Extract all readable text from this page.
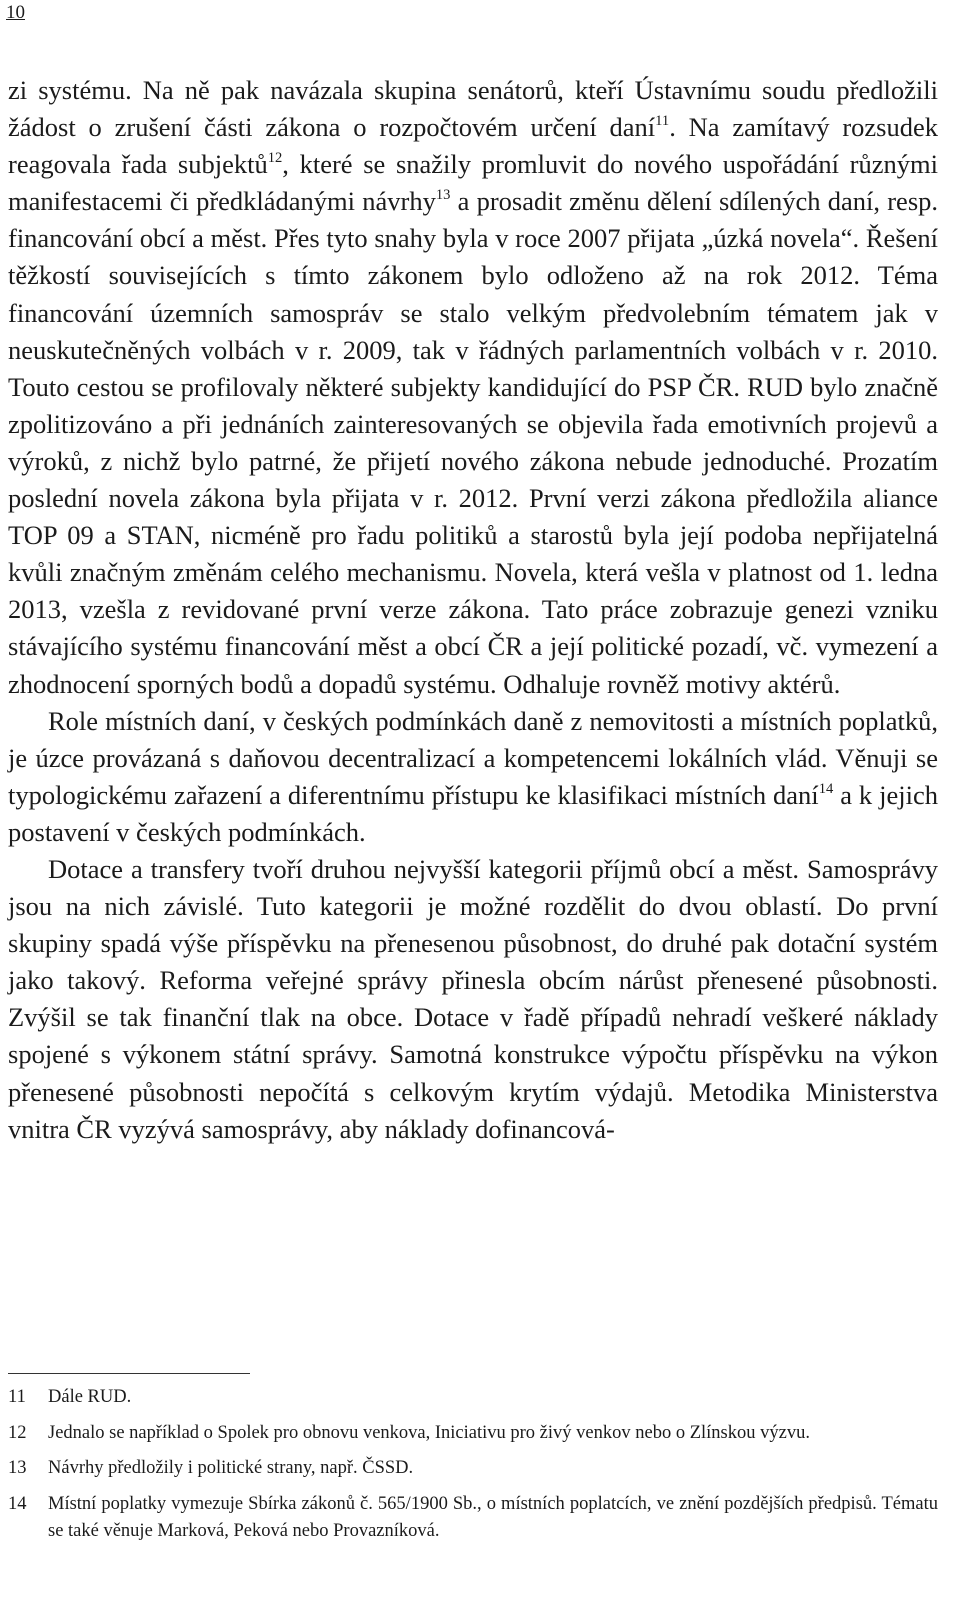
10

zi systému. Na ně pak navázala skupina senátorů, kteří Ústavnímu soudu předložili žádost o zrušení části zákona o rozpočtovém určení daní$^{11}$. Na zamítavý rozsudek reagovala řada subjektů$^{12}$, které se snažily promluvit do nového uspořádání různými manifestacemi či předkládanými návrhy$^{13}$ a prosadit změnu dělení sdílených daní, resp. financování obcí a měst. Přes tyto snahy byla v roce 2007 přijata „úzká novela“. Řešení těžkostí souvisejících s tímto zákonem bylo odloženo až na rok 2012. Téma financování územních samospráv se stalo velkým předvolebním tématem jak v neuskutečněných volbách v r. 2009, tak v řádných parlamentních volbách v r. 2010. Touto cestou se profilovaly některé subjekty kandidující do PSP ČR. RUD bylo značně zpolitizováno a při jednáních zainteresovaných se objevila řada emotivních projevů a výroků, z nichž bylo patrné, že přijetí nového zákona nebude jednoduché. Prozatím poslední novela zákona byla přijata v r. 2012. První verzi zákona předložila aliance TOP 09 a STAN, nicméně pro řadu politiků a starostů byla její podoba nepřijatelná kvůli značným změnám celého mechanismu. Novela, která vešla v platnost od 1. ledna 2013, vzešla z revidované první verze zákona. Tato práce zobrazuje genezi vzniku stávajícího systému financování měst a obcí ČR a její politické pozadí, vč. vymezení a zhodnocení sporných bodů a dopadů systému. Odhaluje rovněž motivy aktérů.

Role místních daní, v českých podmínkách daně z nemovitosti a místních poplatků, je úzce provázaná s daňovou decentralizací a kompetencemi lokálních vlád. Věnuji se typologickému zařazení a diferentnímu přístupu ke klasifikaci místních daní$^{14}$ a k jejich postavení v českých podmínkách.

Dotace a transfery tvoří druhou nejvyšší kategorii příjmů obcí a měst. Samosprávy jsou na nich závislé. Tuto kategorii je možné rozdělit do dvou oblastí. Do první skupiny spadá výše příspěvku na přenesenou působnost, do druhé pak dotační systém jako takový. Reforma veřejné správy přinesla obcím nárůst přenesené působnosti. Zvýšil se tak finanční tlak na obce. Dotace v řadě případů nehradí veškeré náklady spojené s výkonem státní správy. Samotná konstrukce výpočtu příspěvku na výkon přenesené působnosti nepočítá s celkovým krytím výdajů. Metodika Ministerstva vnitra ČR vyzývá samosprávy, aby náklady dofinancová-

11	Dále RUD.
12	Jednalo se například o Spolek pro obnovu venkova, Iniciativu pro živý venkov nebo o Zlínskou výzvu.
13	Návrhy předložily i politické strany, např. ČSSD.
14	Místní poplatky vymezuje Sbírka zákonů č. 565/1900 Sb., o místních poplatcích, ve znění pozdějších předpisů. Tématu se také věnuje Marková, Peková nebo Provazníková.
